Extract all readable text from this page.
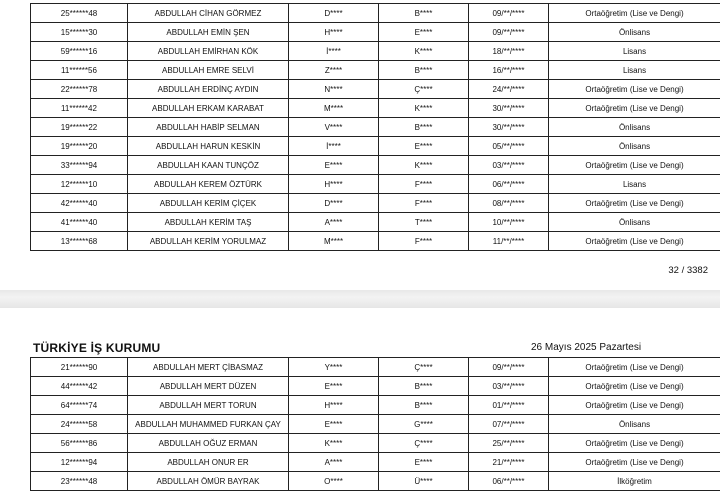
25******48	ABDULLAH CİHAN GÖRMEZ	D****	B****	09/**/****	Ortaöğretim (Lise ve Dengi)
15******30	ABDULLAH EMİN ŞEN	H****	E****	09/**/****	Önlisans
59******16	ABDULLAH EMİRHAN KÖK	İ****	K****	18/**/****	Lisans
11******56	ABDULLAH EMRE SELVİ	Z****	B****	16/**/****	Lisans
22******78	ABDULLAH ERDİNÇ AYDIN	N****	Ç****	24/**/****	Ortaöğretim (Lise ve Dengi)
11******42	ABDULLAH ERKAM KARABAT	M****	K****	30/**/****	Ortaöğretim (Lise ve Dengi)
19******22	ABDULLAH HABİP SELMAN	V****	B****	30/**/****	Önlisans
19******20	ABDULLAH HARUN KESKİN	İ****	E****	05/**/****	Önlisans
33******94	ABDULLAH KAAN TUNÇÖZ	E****	K****	03/**/****	Ortaöğretim (Lise ve Dengi)
12******10	ABDULLAH KEREM ÖZTÜRK	H****	F****	06/**/****	Lisans
42******40	ABDULLAH KERİM ÇİÇEK	D****	F****	08/**/****	Ortaöğretim (Lise ve Dengi)
41******40	ABDULLAH KERİM TAŞ	A****	T****	10/**/****	Önlisans
13******68	ABDULLAH KERİM YORULMAZ	M****	F****	11/**/****	Ortaöğretim (Lise ve Dengi)
32 / 3382
TÜRKİYE İŞ KURUMU	26 Mayıs 2025 Pazartesi
21******90	ABDULLAH MERT ÇİBASMAZ	Y****	Ç****	09/**/****	Ortaöğretim (Lise ve Dengi)
44******42	ABDULLAH MERT DÜZEN	E****	B****	03/**/****	Ortaöğretim (Lise ve Dengi)
64******74	ABDULLAH MERT TORUN	H****	B****	01/**/****	Ortaöğretim (Lise ve Dengi)
24******58	ABDULLAH MUHAMMED FURKAN ÇAY	E****	G****	07/**/****	Önlisans
56******86	ABDULLAH OĞUZ ERMAN	K****	Ç****	25/**/****	Ortaöğretim (Lise ve Dengi)
12******94	ABDULLAH ONUR ER	A****	E****	21/**/****	Ortaöğretim (Lise ve Dengi)
23******48	ABDULLAH ÖMÜR BAYRAK	O****	Ü****	06/**/****	İlköğretim
